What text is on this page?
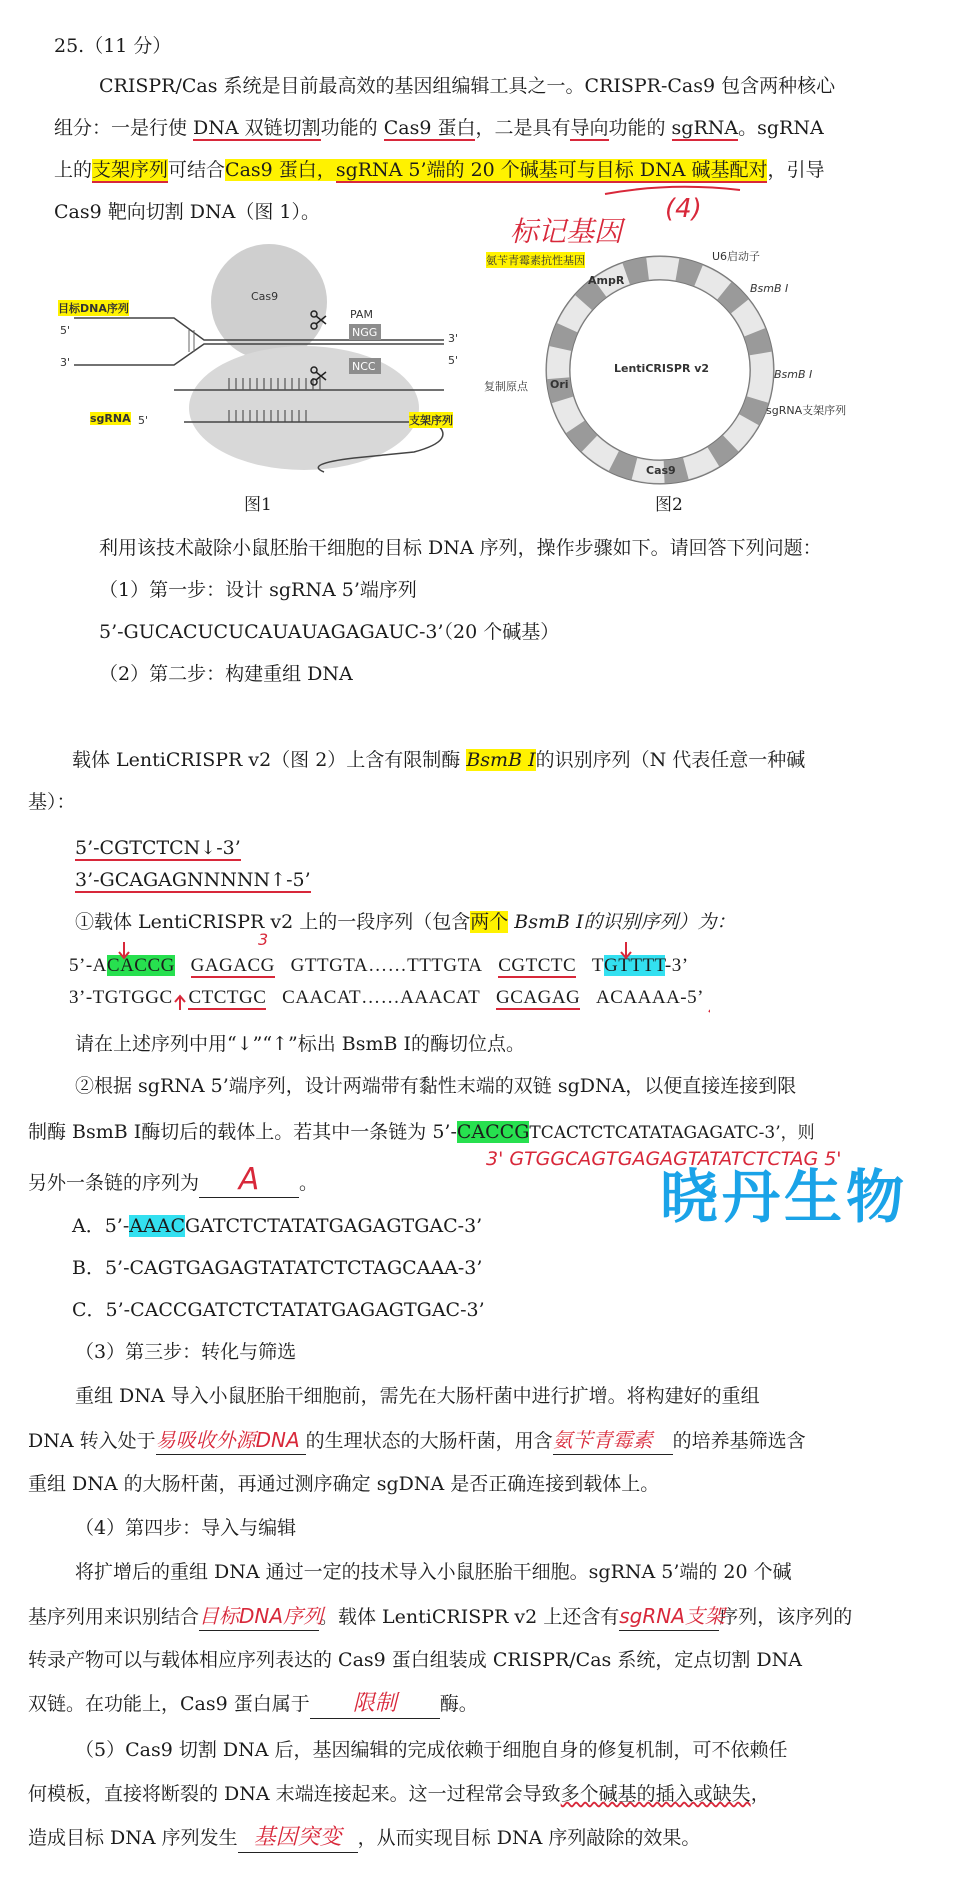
25.（11 分）
CRISPR/Cas 系统是目前最高效的基因组编辑工具之一。CRISPR-Cas9 包含两种核心
组分：一是行使 DNA 双链切割功能的 Cas9 蛋白，二是具有导向功能的 sgRNA。sgRNA
上的支架序列可结合Cas9 蛋白，sgRNA 5’端的 20 个碱基可与目标 DNA 碱基配对，引导
Cas9 靶向切割 DNA（图 1）。
标记基因
(4)
目标DNA序列
5'
3'
Cas9
PAM
NGG
NCC
3'
5'
sgRNA 5'	支架序列
图1
氨苄青霉素抗性基因
AmpR
U6启动子
BsmB Ⅰ
BsmB Ⅰ
LentiCRISPR v2
复制原点 Ori
sgRNA支架序列
Cas9
图2
利用该技术敲除小鼠胚胎干细胞的目标 DNA 序列，操作步骤如下。请回答下列问题：
（1）第一步：设计 sgRNA 5’端序列
5’-GUCACUCUCAUAUAGAGAUC-3’（20 个碱基）
（2）第二步：构建重组 DNA
载体 LentiCRISPR v2（图 2）上含有限制酶 BsmB Ⅰ的识别序列（N 代表任意一种碱
基）：
5’-CGTCTCN↓-3’
3’-GCAGAGNNNNN↑-5’
①载体 LentiCRISPR v2 上的一段序列（包含两个 BsmB Ⅰ的识别序列）为：
3
5’-ACACCG GAGACG GTTGTA……TTTGTA CGTCTC TGTTTT-3’
3’-TGTGGC CTCTGC CAACAT……AAACAT GCAGAG ACAAAA-5’
请在上述序列中用“↓”“↑”标出 BsmB Ⅰ的酶切位点。
②根据 sgRNA 5’端序列，设计两端带有黏性末端的双链 sgDNA，以便直接连接到限
制酶 BsmB Ⅰ酶切后的载体上。若其中一条链为 5’-CACCGTCACTCTCATATAGAGATC-3’，则
3' GTGGCAGTGAGAGTATATCTCTAG 5'
另外一条链的序列为 A 。	晓丹生物
A．5’-AAACGATCTCTATATGAGAGTGAC-3’
B．5’-CAGTGAGAGTATATCTCTAGCAAA-3’
C．5’-CACCGATCTCTATATGAGAGTGAC-3’
（3）第三步：转化与筛选
重组 DNA 导入小鼠胚胎干细胞前，需先在大肠杆菌中进行扩增。将构建好的重组
DNA 转入处于易吸收外源DNA 的生理状态的大肠杆菌，用含氨苄青霉素 的培养基筛选含
重组 DNA 的大肠杆菌，再通过测序确定 sgDNA 是否正确连接到载体上。
（4）第四步：导入与编辑
将扩增后的重组 DNA 通过一定的技术导入小鼠胚胎干细胞。sgRNA 5’端的 20 个碱
基序列用来识别结合目标DNA序列。载体 LentiCRISPR v2 上还含有sgRNA支架序列，该序列的
转录产物可以与载体相应序列表达的 Cas9 蛋白组装成 CRISPR/Cas 系统，定点切割 DNA
双链。在功能上，Cas9 蛋白属于 限制 酶。
（5）Cas9 切割 DNA 后，基因编辑的完成依赖于细胞自身的修复机制，可不依赖任
何模板，直接将断裂的 DNA 末端连接起来。这一过程常会导致多个碱基的插入或缺失，
造成目标 DNA 序列发生 基因突变 ，从而实现目标 DNA 序列敲除的效果。
